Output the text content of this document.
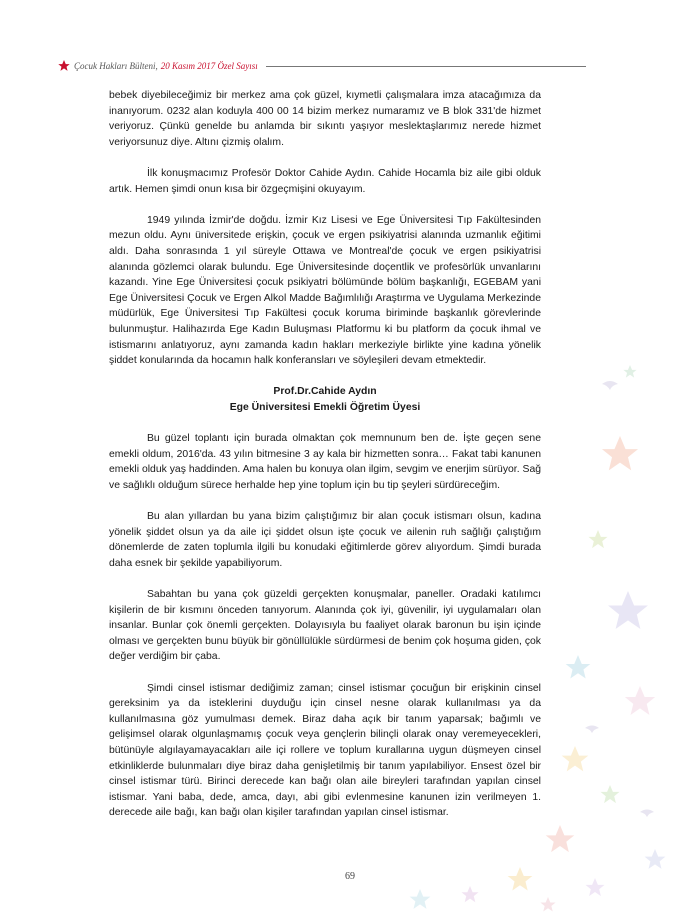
Çocuk Hakları Bülteni, 20 Kasım 2017 Özel Sayısı

bebek diyebileceğimiz bir merkez ama çok güzel, kıymetli çalışmalara imza atacağımıza da inanıyorum. 0232 alan koduyla 400 00 14 bizim merkez numaramız ve B blok 331'de hizmet veriyoruz. Çünkü genelde bu anlamda bir sıkıntı yaşıyor meslektaşlarımız nerede hizmet veriyorsunuz diye. Altını çizmiş olalım.

İlk konuşmacımız Profesör Doktor Cahide Aydın. Cahide Hocamla biz aile gibi olduk artık. Hemen şimdi onun kısa bir özgeçmişini okuyayım.

1949 yılında İzmir'de doğdu. İzmir Kız Lisesi ve Ege Üniversitesi Tıp Fakültesinden mezun oldu. Aynı üniversitede erişkin, çocuk ve ergen psikiyatrisi alanında uzmanlık eğitimi aldı. Daha sonrasında 1 yıl süreyle Ottawa ve Montreal'de çocuk ve ergen psikiyatrisi alanında gözlemci olarak bulundu. Ege Üniversitesinde doçentlik ve profesörlük unvanlarını kazandı. Yine Ege Üniversitesi çocuk psikiyatri bölümünde bölüm başkanlığı, EGEBAM yani Ege Üniversitesi Çocuk ve Ergen Alkol Madde Bağımlılığı Araştırma ve Uygulama Merkezinde müdürlük, Ege Üniversitesi Tıp Fakültesi çocuk koruma biriminde başkanlık görevlerinde bulunmuştur. Halihazırda Ege Kadın Buluşması Platformu ki bu platform da çocuk ihmal ve istismarını anlatıyoruz, aynı zamanda kadın hakları merkeziyle birlikte yine kadına yönelik şiddet konularında da hocamın halk konferansları ve söyleşileri devam etmektedir.

Prof.Dr.Cahide Aydın
Ege Üniversitesi Emekli Öğretim Üyesi

Bu güzel toplantı için burada olmaktan çok memnunum ben de. İşte geçen sene emekli oldum, 2016'da. 43 yılın bitmesine 3 ay kala bir hizmetten sonra… Fakat tabi kanunen emekli olduk yaş haddinden. Ama halen bu konuya olan ilgim, sevgim ve enerjim sürüyor. Sağ ve sağlıklı olduğum sürece herhalde hep yine toplum için bu tip şeyleri sürdüreceğim.

Bu alan yıllardan bu yana bizim çalıştığımız bir alan çocuk istismarı olsun, kadına yönelik şiddet olsun ya da aile içi şiddet olsun işte çocuk ve ailenin ruh sağlığı çalıştığım dönemlerde de zaten toplumla ilgili bu konudaki eğitimlerde görev alıyordum. Şimdi burada daha esnek bir şekilde yapabiliyorum.

Sabahtan bu yana çok güzeldi gerçekten konuşmalar, paneller. Oradaki katılımcı kişilerin de bir kısmını önceden tanıyorum. Alanında çok iyi, güvenilir, iyi uygulamaları olan insanlar. Bunlar çok önemli gerçekten. Dolayısıyla bu faaliyet olarak baronun bu işin içinde olması ve gerçekten bunu büyük bir gönüllülükle sürdürmesi de benim çok hoşuma giden, çok değer verdiğim bir çaba.

Şimdi cinsel istismar dediğimiz zaman; cinsel istismar çocuğun bir erişkinin cinsel gereksinim ya da isteklerini duyduğu için cinsel nesne olarak kullanılması ya da kullanılmasına göz yumulması demek. Biraz daha açık bir tanım yaparsak; bağımlı ve gelişimsel olarak olgunlaşmamış çocuk veya gençlerin bilinçli olarak onay veremeyecekleri, bütünüyle algılayamayacakları aile içi rollere ve toplum kurallarına uygun düşmeyen cinsel etkinliklerde bulunmaları diye biraz daha genişletilmiş bir tanım yapılabiliyor. Ensest özel bir cinsel istismar türü. Birinci derecede kan bağı olan aile bireyleri tarafından yapılan cinsel istismar. Yani baba, dede, amca, dayı, abi gibi evlenmesine kanunen izin verilmeyen 1. derecede aile bağı, kan bağı olan kişiler tarafından yapılan cinsel istismar.

69
